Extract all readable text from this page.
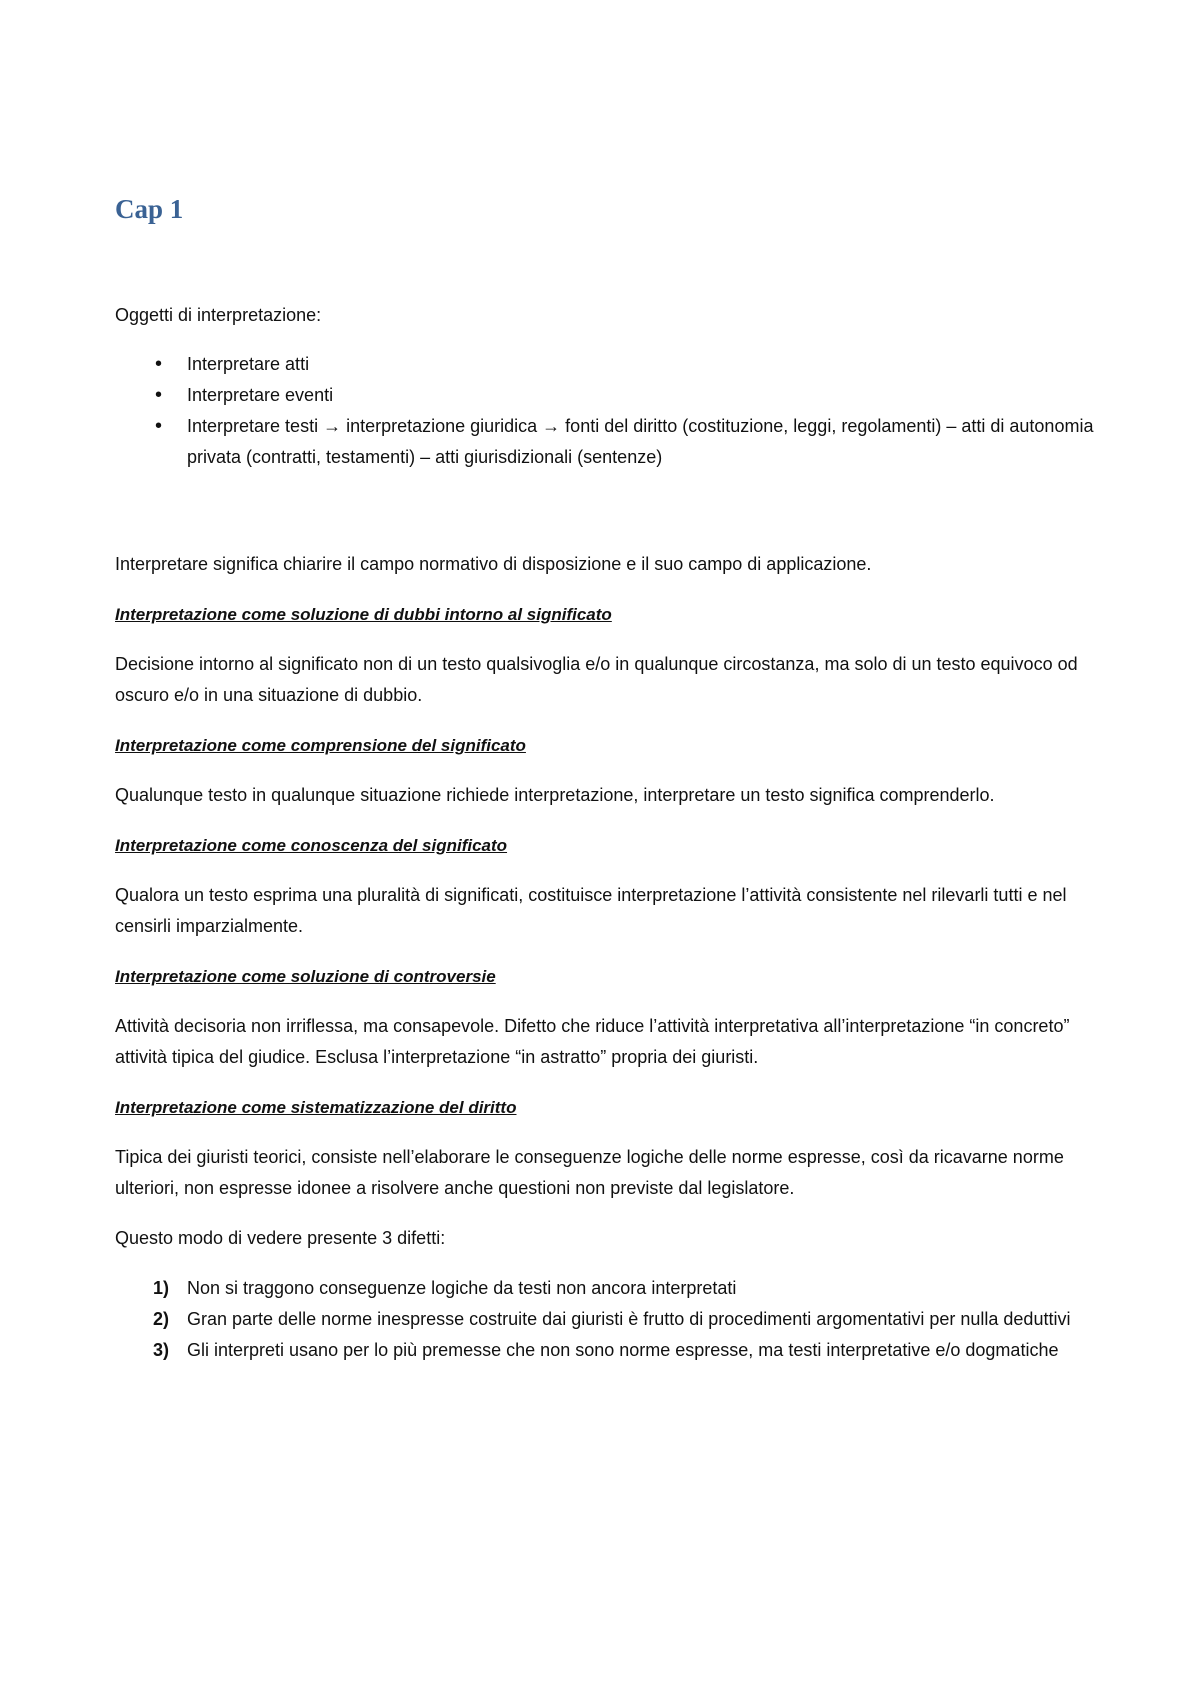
Cap 1

Oggetti di interpretazione:

• Interpretare atti
• Interpretare eventi
• Interpretare testi → interpretazione giuridica → fonti del diritto (costituzione, leggi, regolamenti) – atti di autonomia privata (contratti, testamenti) – atti giurisdizionali (sentenze)

Interpretare significa chiarire il campo normativo di disposizione e il suo campo di applicazione.

Interpretazione come soluzione di dubbi intorno al significato

Decisione intorno al significato non di un testo qualsivoglia e/o in qualunque circostanza, ma solo di un testo equivoco od oscuro e/o in una situazione di dubbio.

Interpretazione come comprensione del significato

Qualunque testo in qualunque situazione richiede interpretazione, interpretare un testo significa comprenderlo.

Interpretazione come conoscenza del significato

Qualora un testo esprima una pluralità di significati, costituisce interpretazione l’attività consistente nel rilevarli tutti e nel censirli imparzialmente.

Interpretazione come soluzione di controversie

Attività decisoria non irriflessa, ma consapevole. Difetto che riduce l’attività interpretativa all’interpretazione “in concreto” attività tipica del giudice. Esclusa l’interpretazione “in astratto” propria dei giuristi.

Interpretazione come sistematizzazione del diritto

Tipica dei giuristi teorici, consiste nell’elaborare le conseguenze logiche delle norme espresse, così da ricavarne norme ulteriori, non espresse idonee a risolvere anche questioni non previste dal legislatore.

Questo modo di vedere presente 3 difetti:

1) Non si traggono conseguenze logiche da testi non ancora interpretati
2) Gran parte delle norme inespresse costruite dai giuristi è frutto di procedimenti argomentativi per nulla deduttivi
3) Gli interpreti usano per lo più premesse che non sono norme espresse, ma testi interpretative e/o dogmatiche
